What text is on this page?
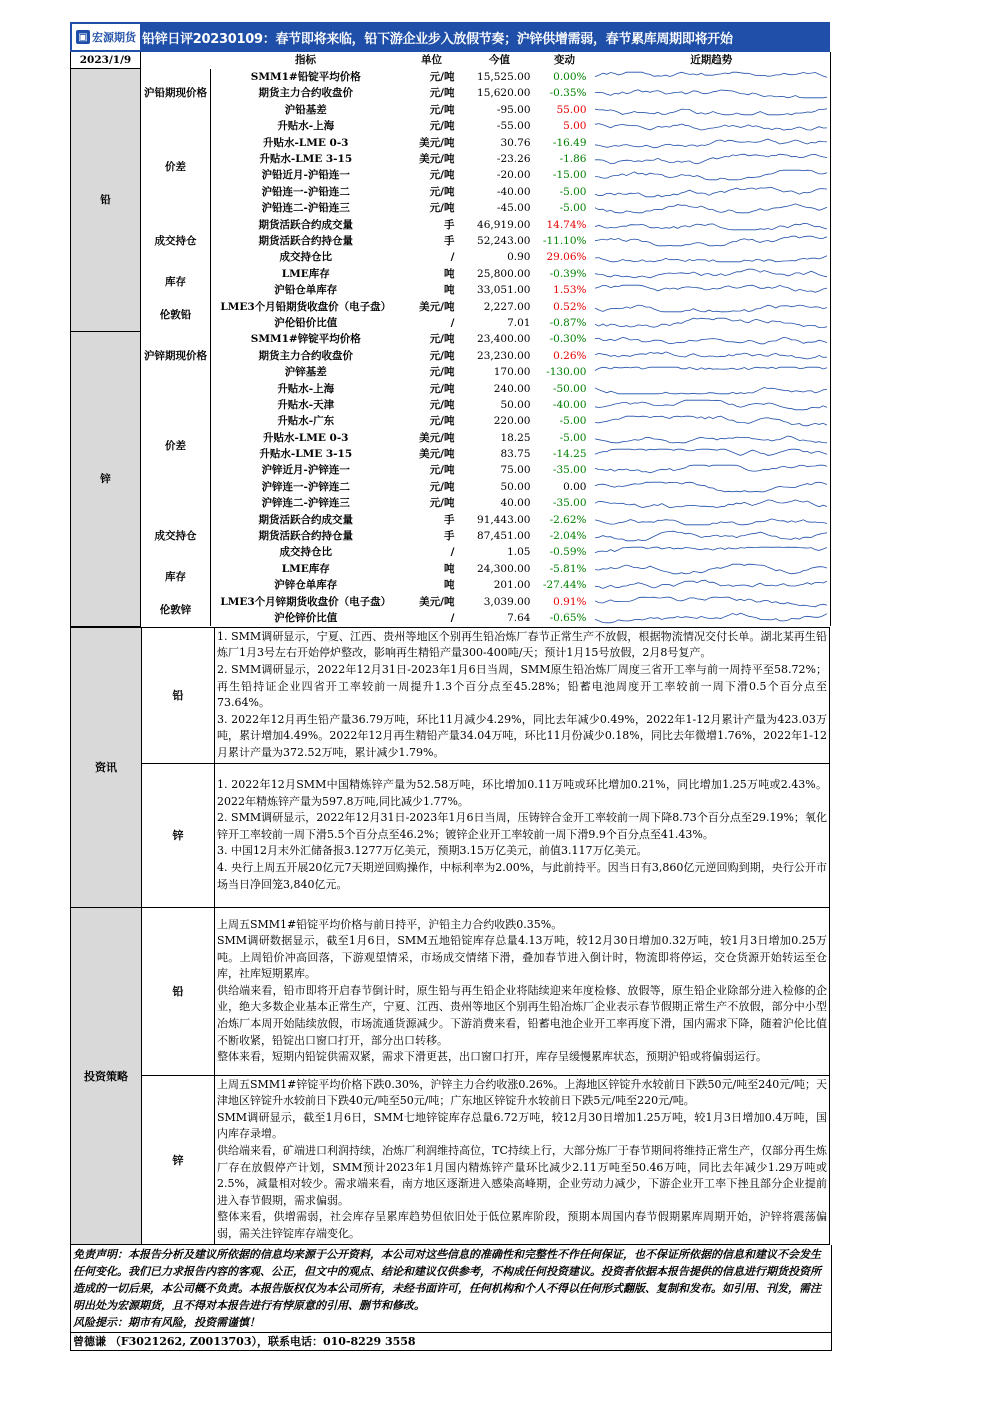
▣ 宏源期货 铅锌日评20230109：春节即将来临，铅下游企业步入放假节奏；沪锌供增需弱，春节累库周期即将开始
2023/1/9		指标	单位	今值	变动	近期趋势
铅	沪铅期现价格	SMM1#铅锭平均价格	元/吨	15,525.00	0.00%	

		期货主力合约收盘价	元/吨	15,620.00	-0.35%	

		沪铅基差	元/吨	-95.00	55.00	

	价差	升贴水-上海	元/吨	-55.00	5.00	

		升贴水-LME 0-3	美元/吨	30.76	-16.49	

		升贴水-LME 3-15	美元/吨	-23.26	-1.86	

		沪铅近月-沪铅连一	元/吨	-20.00	-15.00	

		沪铅连一-沪铅连二	元/吨	-40.00	-5.00	

		沪铅连二-沪铅连三	元/吨	-45.00	-5.00	

	成交持仓	期货活跃合约成交量	手	46,919.00	14.74%	

		期货活跃合约持仓量	手	52,243.00	-11.10%	

		成交持仓比	/	0.90	29.06%	

	库存	LME库存	吨	25,800.00	-0.39%	

		沪铅仓单库存	吨	33,051.00	1.53%	

	伦敦铅	LME3个月铅期货收盘价（电子盘）	美元/吨	2,227.00	0.52%	

		沪伦铅价比值	/	7.01	-0.87%	

锌	沪锌期现价格	SMM1#锌锭平均价格	元/吨	23,400.00	-0.30%	

		期货主力合约收盘价	元/吨	23,230.00	0.26%	

		沪锌基差	元/吨	170.00	-130.00	

	价差	升贴水-上海	元/吨	240.00	-50.00	

		升贴水-天津	元/吨	50.00	-40.00	

		升贴水-广东	元/吨	220.00	-5.00	

		升贴水-LME 0-3	美元/吨	18.25	-5.00	

		升贴水-LME 3-15	美元/吨	83.75	-14.25	

		沪锌近月-沪锌连一	元/吨	75.00	-35.00	

		沪锌连一-沪锌连二	元/吨	50.00	0.00	

		沪锌连二-沪锌连三	元/吨	40.00	-35.00	

	成交持仓	期货活跃合约成交量	手	91,443.00	-2.62%	

		期货活跃合约持仓量	手	87,451.00	-2.04%	

		成交持仓比	/	1.05	-0.59%	

	库存	LME库存	吨	24,300.00	-5.81%	

		沪锌仓单库存	吨	201.00	-27.44%	

	伦敦锌	LME3个月锌期货收盘价（电子盘）	美元/吨	3,039.00	0.91%	

		沪伦锌价比值	/	7.64	-0.65%	
资讯	铅	1. SMM调研显示，宁夏、江西、贵州等地区个别再生铅冶炼厂春节正常生产不放假，根据物流情况交付长单。湖北某再生铅炼厂1月3号左右开始停炉整改，影响再生精铅产量300-400吨/天；预计1月15号放假，2月8号复产。

2. SMM调研显示，2022年12月31日-2023年1月6日当周，SMM原生铅冶炼厂周度三省开工率与前一周持平至58.72%；再生铅持证企业四省开工率较前一周提升1.3个百分点至45.28%；铅蓄电池周度开工率较前一周下滑0.5个百分点至73.64%。

3. 2022年12月再生铅产量36.79万吨，环比11月减少4.29%，同比去年减少0.49%，2022年1-12月累计产量为423.03万吨，累计增加4.49%。2022年12月再生精铅产量34.04万吨，环比11月份减少0.18%，同比去年微增1.76%，2022年1-12月累计产量为372.52万吨，累计减少1.79%。

	锌	1. 2022年12月SMM中国精炼锌产量为52.58万吨，环比增加0.11万吨或环比增加0.21%，同比增加1.25万吨或2.43%。2022年精炼锌产量为597.8万吨,同比减少1.77%。

2. SMM调研显示，2022年12月31日-2023年1月6日当周，压铸锌合金开工率较前一周下降8.73个百分点至29.19%；氧化锌开工率较前一周下滑5.5个百分点至46.2%；镀锌企业开工率较前一周下滑9.9个百分点至41.43%。

3. 中国12月末外汇储备报3.1277万亿美元，预期3.15万亿美元，前值3.117万亿美元。

4. 央行上周五开展20亿元7天期逆回购操作，中标利率为2.00%，与此前持平。因当日有3,860亿元逆回购到期，央行公开市场当日净回笼3,840亿元。

投资策略	铅	上周五SMM1#铅锭平均价格与前日持平，沪铅主力合约收跌0.35%。

SMM调研数据显示，截至1月6日，SMM五地铅锭库存总量4.13万吨，较12月30日增加0.32万吨，较1月3日增加0.25万吨。上周铅价冲高回落，下游观望情采，市场成交情绪下滑，叠加春节进入倒计时，物流即将停运，交仓货源开始转运至仓库，社库短期累库。

供给端来看，铅市即将开启春节倒计时，原生铅与再生铅企业将陆续迎来年度检修、放假等，原生铅企业除部分进入检修的企业，绝大多数企业基本正常生产，宁夏、江西、贵州等地区个别再生铅冶炼厂企业表示春节假期正常生产不放假，部分中小型冶炼厂本周开始陆续放假，市场流通货源减少。下游消费来看，铅蓄电池企业开工率再度下滑，国内需求下降，随着沪伦比值不断收紧，铅锭出口窗口打开，部分出口转移。

整体来看，短期内铅锭供需双紧，需求下滑更甚，出口窗口打开，库存呈缓慢累库状态，预期沪铅或将偏弱运行。

	锌	上周五SMM1#锌锭平均价格下跌0.30%，沪锌主力合约收涨0.26%。上海地区锌锭升水较前日下跌50元/吨至240元/吨；天津地区锌锭升水较前日下跌40元/吨至50元/吨；广东地区锌锭升水较前日下跌5元/吨至220元/吨。

SMM调研显示，截至1月6日，SMM七地锌锭库存总量6.72万吨，较12月30日增加1.25万吨，较1月3日增加0.4万吨，国内库存录增。

供给端来看，矿端进口利润持续，冶炼厂利润维持高位，TC持续上行，大部分炼厂于春节期间将维持正常生产，仅部分再生炼厂存在放假停产计划，SMM预计2023年1月国内精炼锌产量环比减少2.11万吨至50.46万吨，同比去年减少1.29万吨或2.5%，减量相对较少。需求端来看，南方地区逐渐进入感染高峰期，企业劳动力减少，下游企业开工率下挫且部分企业提前进入春节假期，需求偏弱。

整体来看，供增需弱，社会库存呈累库趋势但依旧处于低位累库阶段，预期本周国内春节假期累库周期开始，沪锌将震荡偏弱，需关注锌锭库存端变化。

免责声明：本报告分析及建议所依据的信息均来源于公开资料，本公司对这些信息的准确性和完整性不作任何保证，也不保证所依据的信息和建议不会发生任何变化。我们已力求报告内容的客观、公正，但文中的观点、结论和建议仅供参考，不构成任何投资建议。投资者依据本报告提供的信息进行期货投资所造成的一切后果，本公司概不负责。本报告版权仅为本公司所有，未经书面许可，任何机构和个人不得以任何形式翻版、复制和发布。如引用、刊发，需注明出处为宏源期货，且不得对本报告进行有悖原意的引用、删节和修改。
风险提示：期市有风险，投资需谨慎！
曾德谦 （F3021262, Z0013703），联系电话：010-8229 3558
